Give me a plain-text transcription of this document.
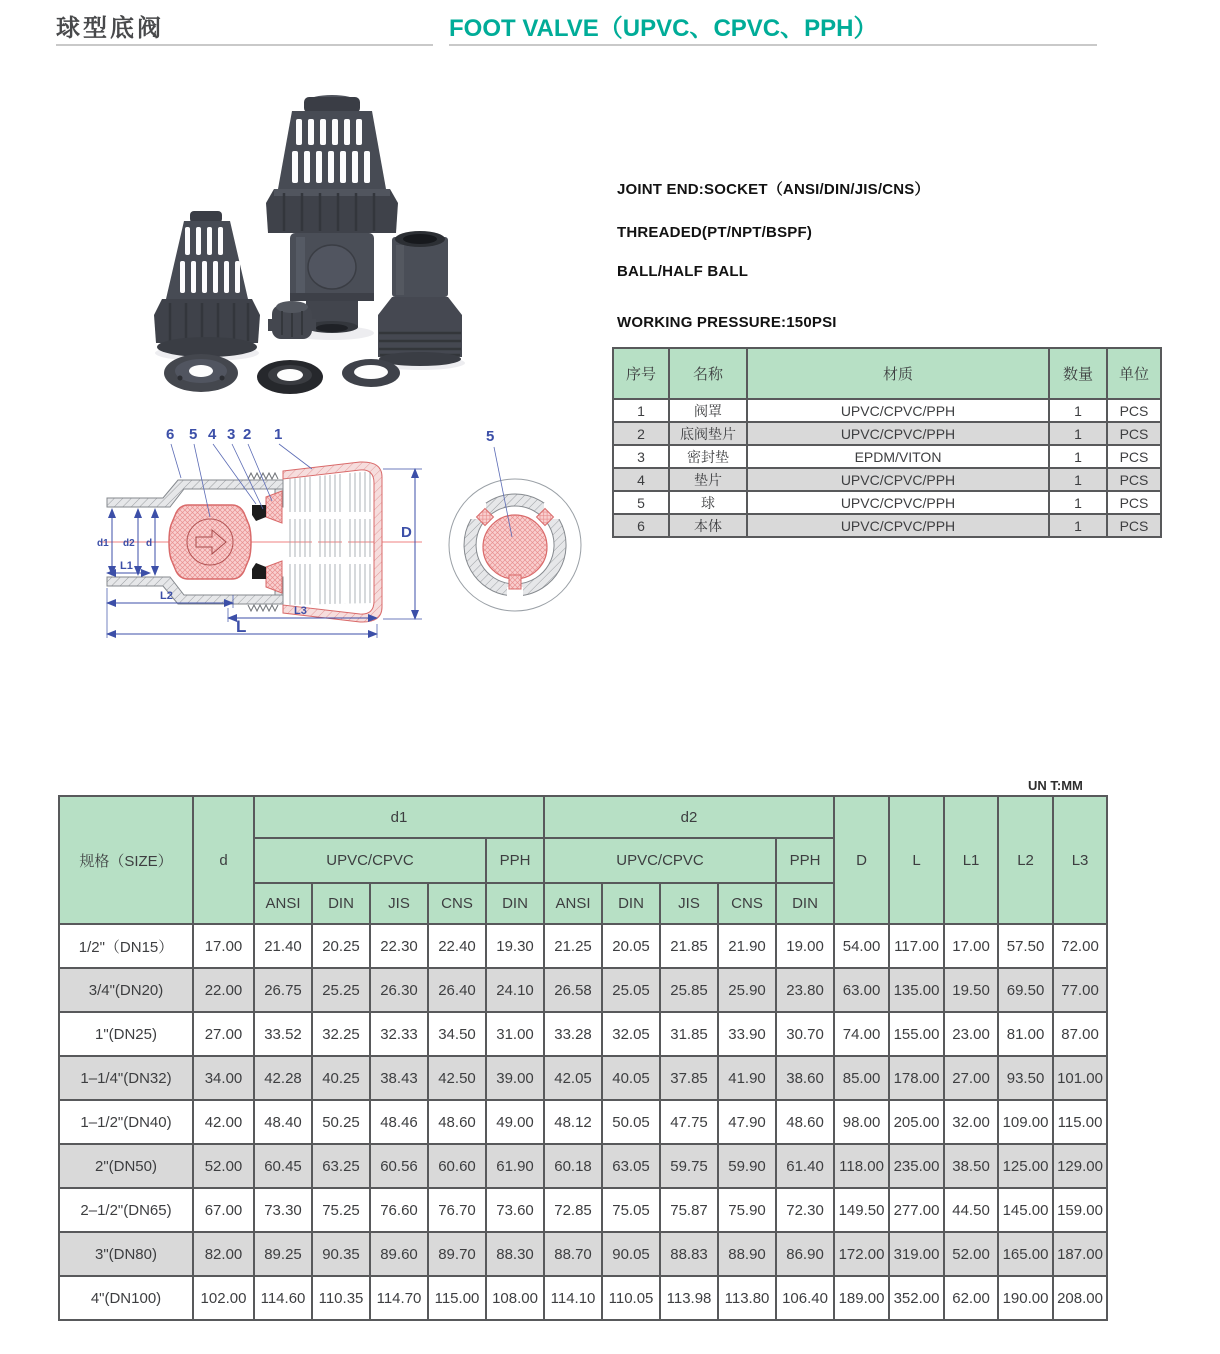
球型底阀	FOOT VALVE（UPVC、CPVC、PPH）
d1 d2 d
L1
L2
L3
L
D
6 5 4 3 2 1	5
JOINT END:SOCKET（ANSI/DIN/JIS/CNS）
THREADED(PT/NPT/BSPF)
BALL/HALF BALL
WORKING PRESSURE:150PSI
序号	名称	材质	数量	单位
1	阀罩	UPVC/CPVC/PPH	1	PCS
2	底阀垫片	UPVC/CPVC/PPH	1	PCS
3	密封垫	EPDM/VITON	1	PCS
4	垫片	UPVC/CPVC/PPH	1	PCS
5	球	UPVC/CPVC/PPH	1	PCS
6	本体	UPVC/CPVC/PPH	1	PCS
UN T:MM
规格（SIZE）	d	d1					d2					D	L	L1	L2	L3
		UPVC/CPVC				PPH	UPVC/CPVC				PPH					
		ANSI	DIN	JIS	CNS	DIN	ANSI	DIN	JIS	CNS	DIN					
1/2"（DN15）	17.00	21.40	20.25	22.30	22.40	19.30	21.25	20.05	21.85	21.90	19.00	54.00	117.00	17.00	57.50	72.00
3/4"(DN20)	22.00	26.75	25.25	26.30	26.40	24.10	26.58	25.05	25.85	25.90	23.80	63.00	135.00	19.50	69.50	77.00
1"(DN25)	27.00	33.52	32.25	32.33	34.50	31.00	33.28	32.05	31.85	33.90	30.70	74.00	155.00	23.00	81.00	87.00
1–1/4"(DN32)	34.00	42.28	40.25	38.43	42.50	39.00	42.05	40.05	37.85	41.90	38.60	85.00	178.00	27.00	93.50	101.00
1–1/2"(DN40)	42.00	48.40	50.25	48.46	48.60	49.00	48.12	50.05	47.75	47.90	48.60	98.00	205.00	32.00	109.00	115.00
2"(DN50)	52.00	60.45	63.25	60.56	60.60	61.90	60.18	63.05	59.75	59.90	61.40	118.00	235.00	38.50	125.00	129.00
2–1/2"(DN65)	67.00	73.30	75.25	76.60	76.70	73.60	72.85	75.05	75.87	75.90	72.30	149.50	277.00	44.50	145.00	159.00
3"(DN80)	82.00	89.25	90.35	89.60	89.70	88.30	88.70	90.05	88.83	88.90	86.90	172.00	319.00	52.00	165.00	187.00
4"(DN100)	102.00	114.60	110.35	114.70	115.00	108.00	114.10	110.05	113.98	113.80	106.40	189.00	352.00	62.00	190.00	208.00
